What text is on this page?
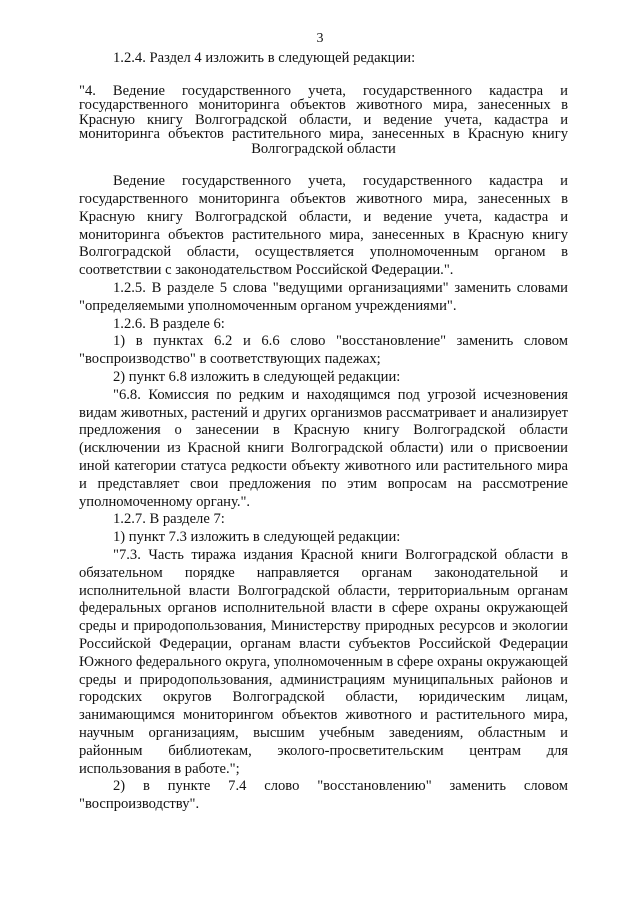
3

1.2.4. Раздел 4 изложить в следующей редакции:

"4. Ведение государственного учета, государственного кадастра и государственного мониторинга объектов животного мира, занесенных в Красную книгу Волгоградской области, и ведение учета, кадастра и мониторинга объектов растительного мира, занесенных в Красную книгу Волгоградской области

Ведение государственного учета, государственного кадастра и государственного мониторинга объектов животного мира, занесенных в Красную книгу Волгоградской области, и ведение учета, кадастра и мониторинга объектов растительного мира, занесенных в Красную книгу Волгоградской области, осуществляется уполномоченным органом в соответствии с законодательством Российской Федерации.".

1.2.5. В разделе 5 слова "ведущими организациями" заменить словами "определяемыми уполномоченным органом учреждениями".

1.2.6. В разделе 6:

1) в пунктах 6.2 и 6.6 слово "восстановление" заменить словом "воспроизводство" в соответствующих падежах;

2) пункт 6.8 изложить в следующей редакции:

"6.8. Комиссия по редким и находящимся под угрозой исчезновения видам животных, растений и других организмов рассматривает и анализирует предложения о занесении в Красную книгу Волгоградской области (исключении из Красной книги Волгоградской области) или о присвоении иной категории статуса редкости объекту животного или растительного мира и представляет свои предложения по этим вопросам на рассмотрение уполномоченному органу.".

1.2.7. В разделе 7:

1) пункт 7.3 изложить в следующей редакции:

"7.3. Часть тиража издания Красной книги Волгоградской области в обязательном порядке направляется органам законодательной и исполнительной власти Волгоградской области, территориальным органам федеральных органов исполнительной власти в сфере охраны окружающей среды и природопользования, Министерству природных ресурсов и экологии Российской Федерации, органам власти субъектов Российской Федерации Южного федерального округа, уполномоченным в сфере охраны окружающей среды и природопользования, администрациям муниципальных районов и городских округов Волгоградской области, юридическим лицам, занимающимся мониторингом объектов животного и растительного мира, научным организациям, высшим учебным заведениям, областным и районным библиотекам, эколого-просветительским центрам для использования в работе.";

2) в пункте 7.4 слово "восстановлению" заменить словом "воспроизводству".
